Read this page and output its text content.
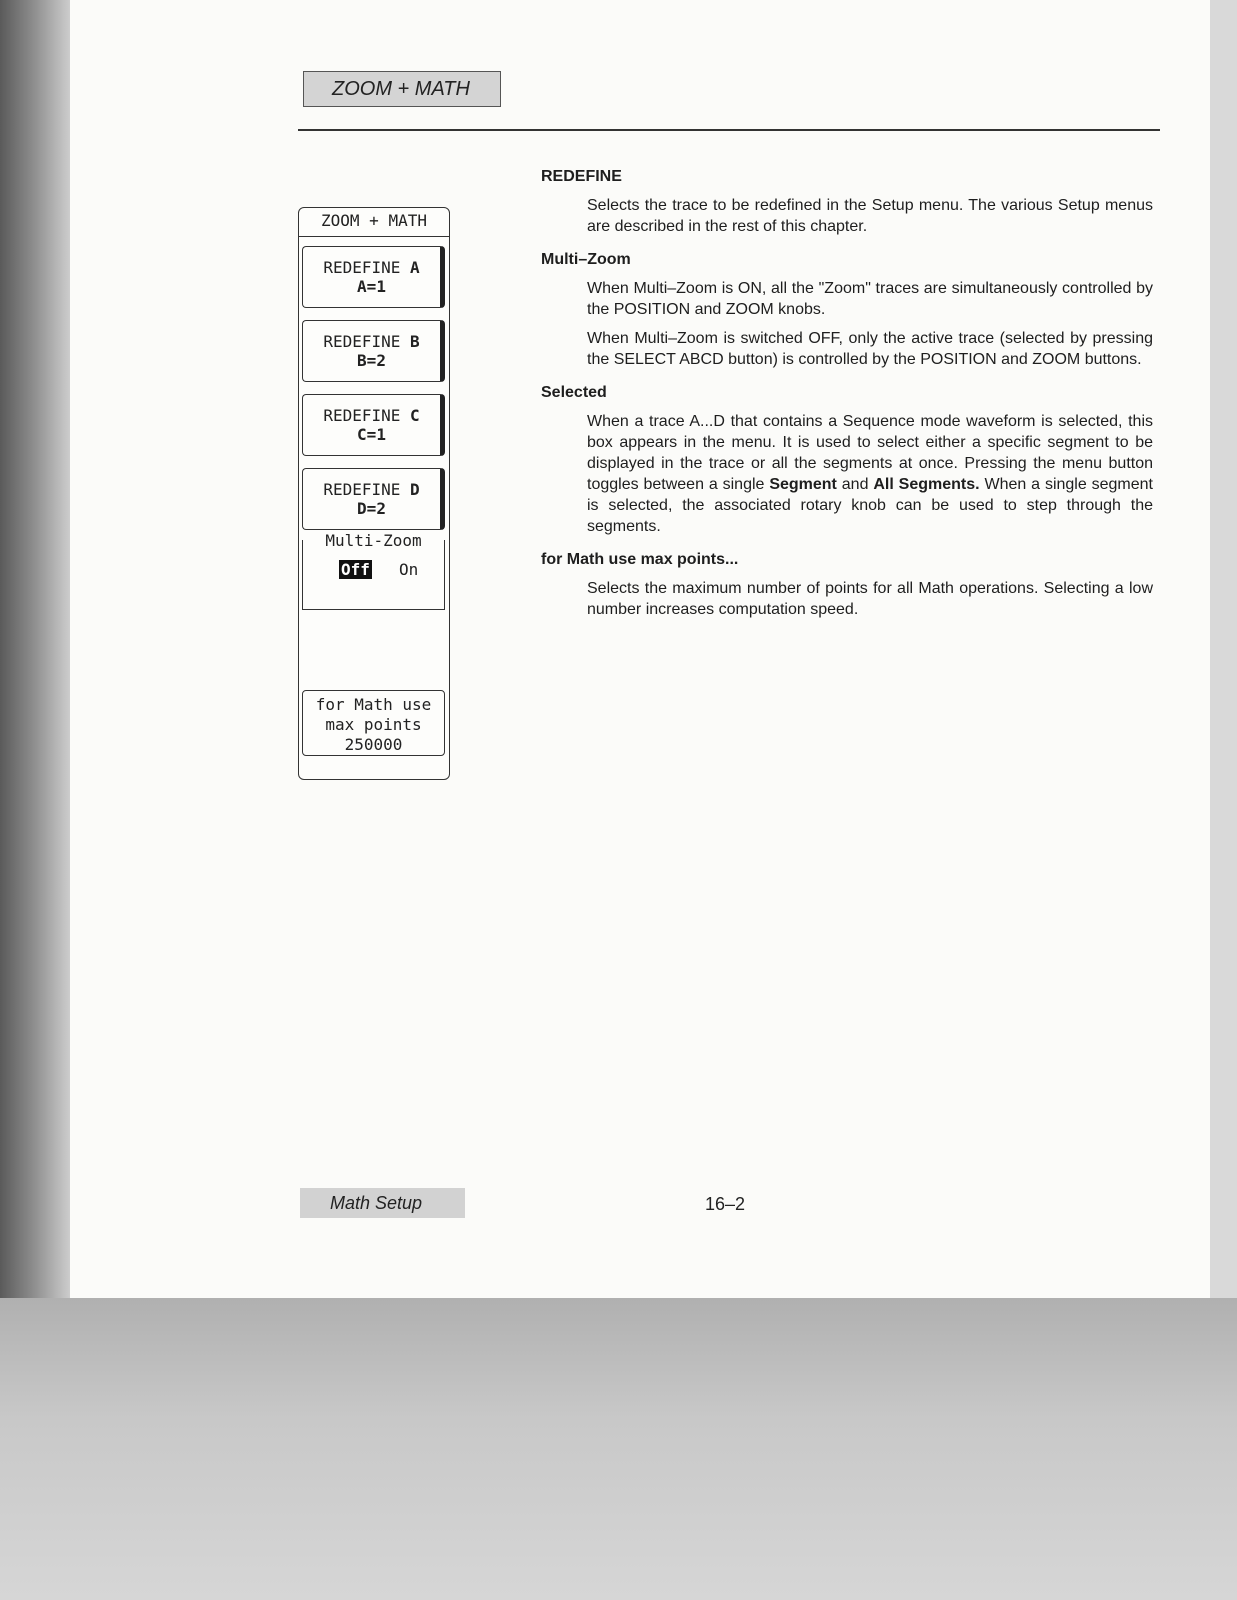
ZOOM + MATH
ZOOM + MATH
REDEFINE A
A=1
REDEFINE B
B=2
REDEFINE C
C=1
REDEFINE D
D=2
Multi-Zoom
Off On
for Math use
max points
250000
REDEFINE

Selects the trace to be redefined in the Setup menu. The various Setup menus are described in the rest of this chapter.

Multi–Zoom

When Multi–Zoom is ON, all the "Zoom" traces are simultaneously controlled by the POSITION and ZOOM knobs.

When Multi–Zoom is switched OFF, only the active trace (selected by pressing the SELECT ABCD button) is controlled by the POSITION and ZOOM buttons.

Selected

When a trace A...D that contains a Sequence mode waveform is selected, this box appears in the menu. It is used to select either a specific segment to be displayed in the trace or all the segments at once. Pressing the menu button toggles between a single Segment and All Segments. When a single segment is selected, the associated rotary knob can be used to step through the segments.

for Math use max points...

Selects the maximum number of points for all Math operations. Selecting a low number increases computation speed.

Math Setup	16–2
